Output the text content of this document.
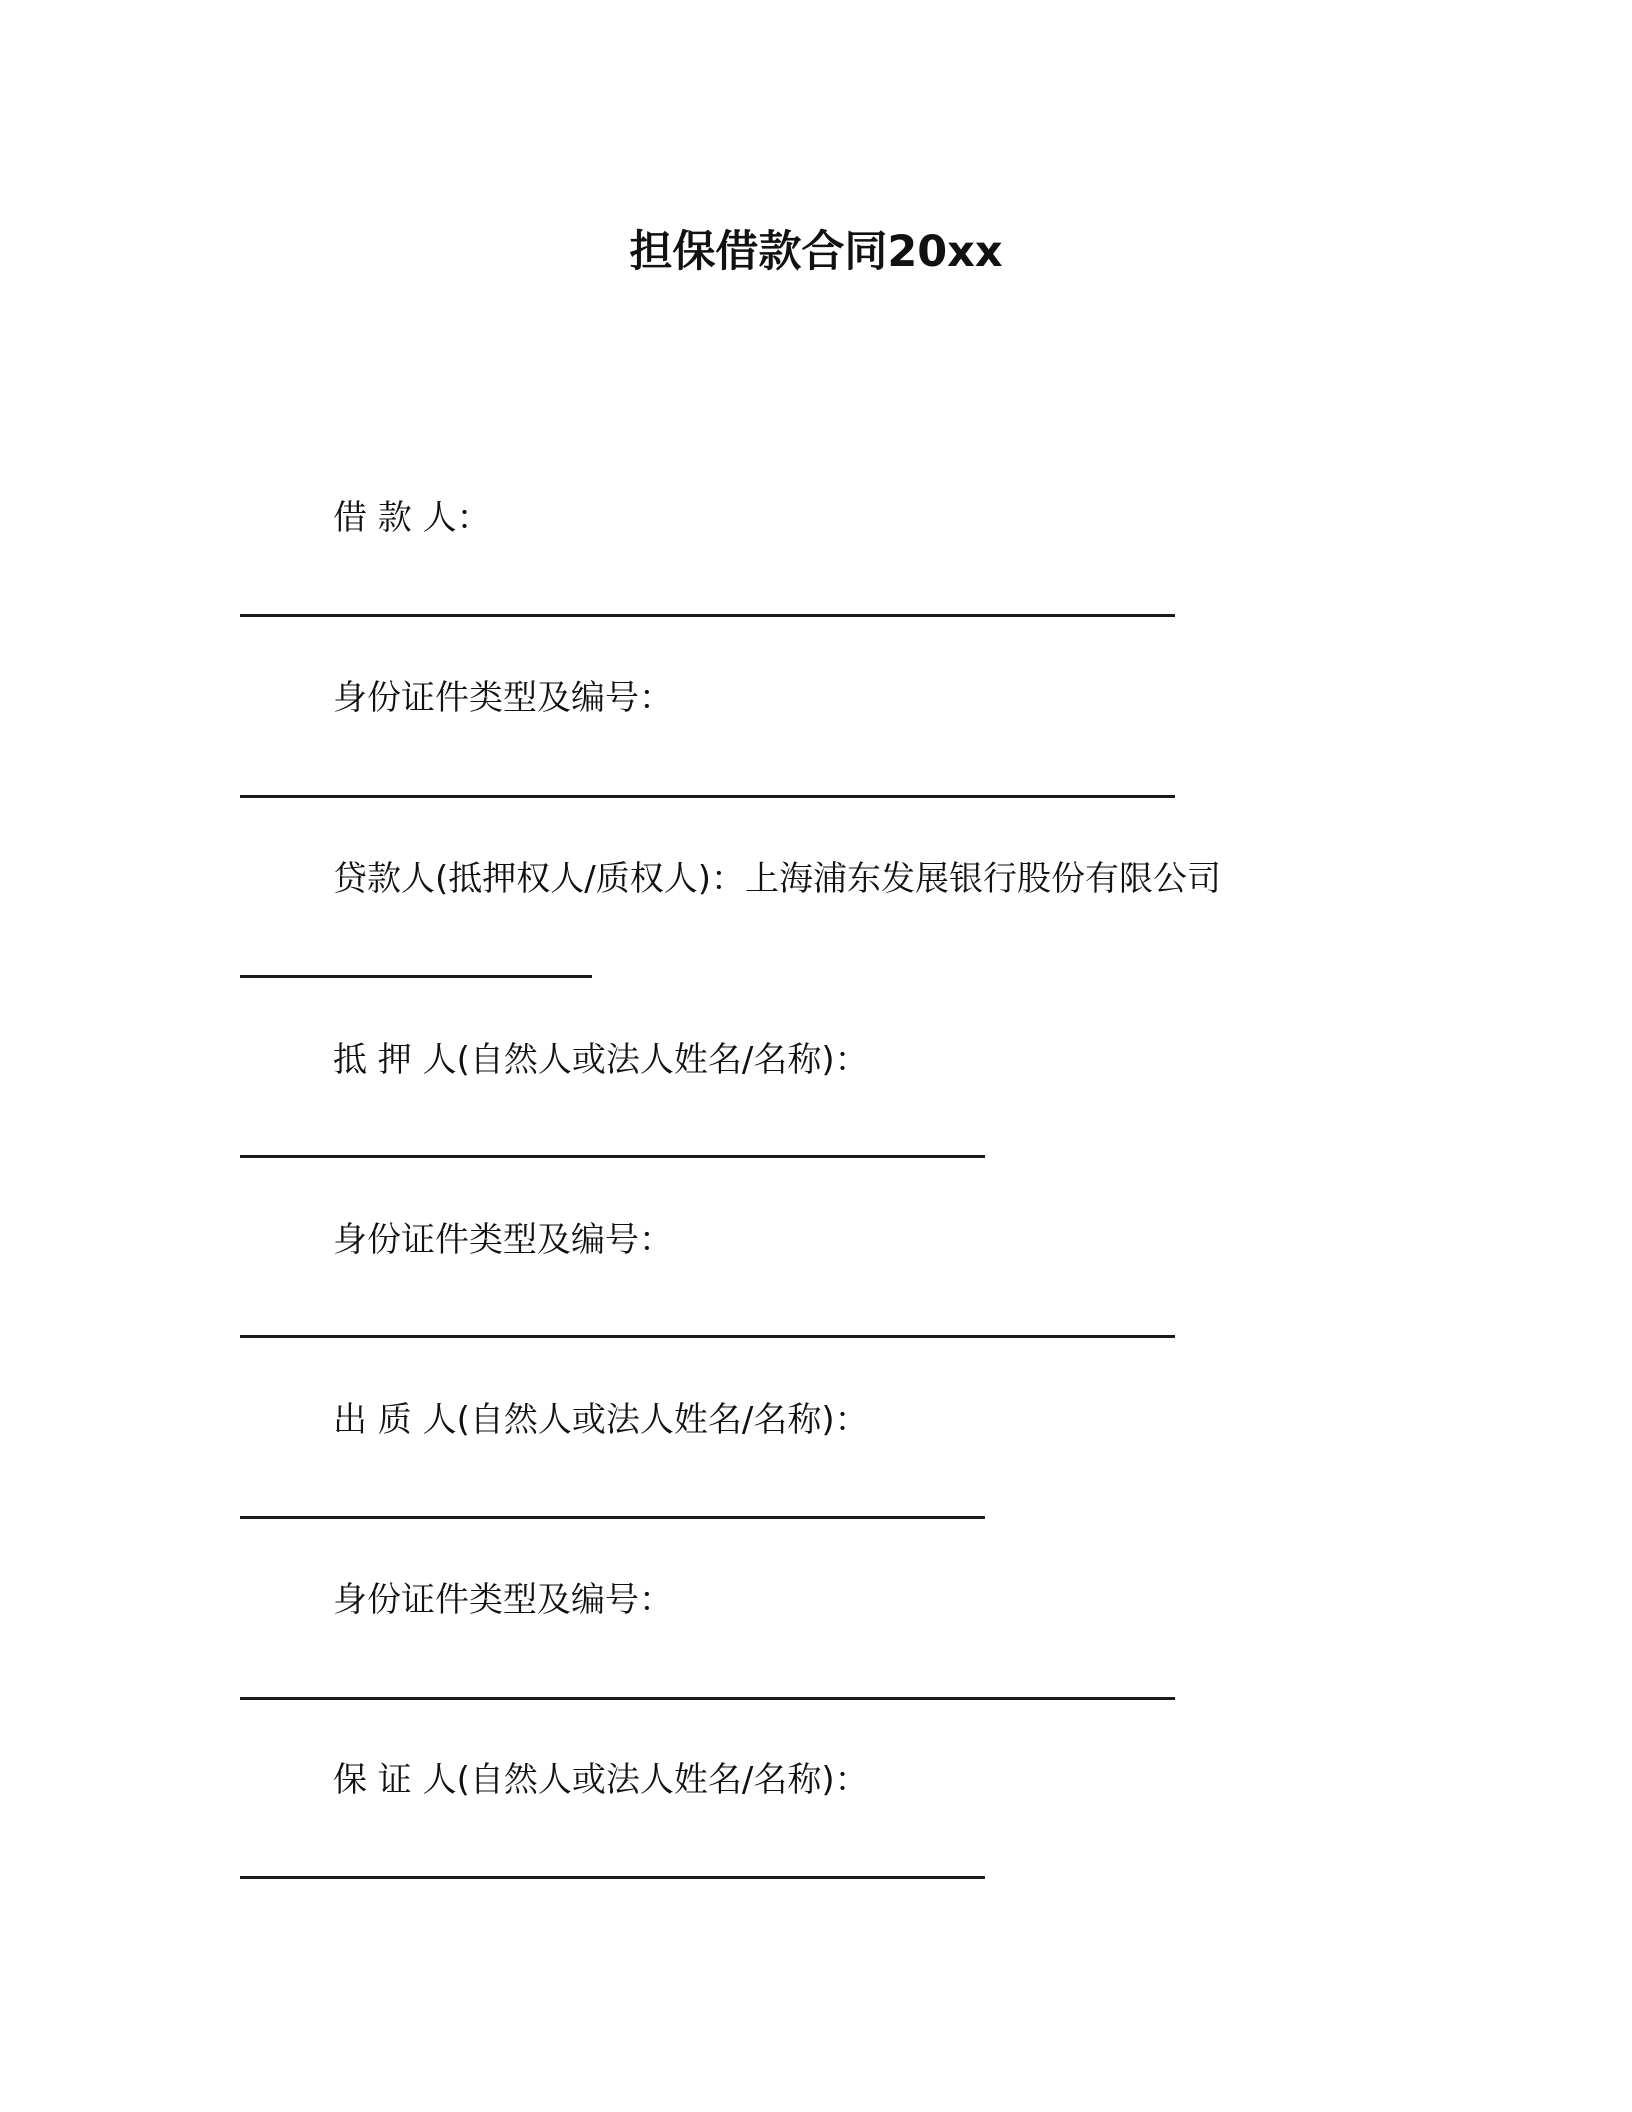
担保借款合同20xx
借 款 人：
身份证件类型及编号：
贷款人(抵押权人/质权人)：上海浦东发展银行股份有限公司
抵 押 人(自然人或法人姓名/名称)：
身份证件类型及编号：
出 质 人(自然人或法人姓名/名称)：
身份证件类型及编号：
保 证 人(自然人或法人姓名/名称)：
